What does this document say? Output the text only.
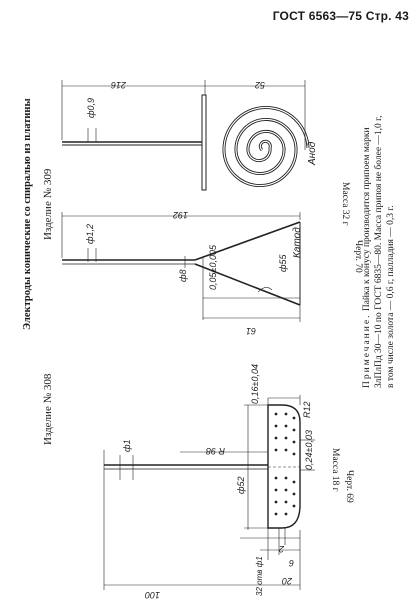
ГОСТ 6563—75 Стр. 43
Электроды конические со спиралью из платины Изделие № 309
Изделие № 308
Масса 32 г
Черт. 70
Масса 18 г Черт. 69
Примечание. Пайка к конусу производится припоем марки ЗлПлПд 30—10 по ГОСТ 6835—80. Масса припоя не более —1,0 г, в том числе золота — 0,6 г, палладия — 0,3 г.
216	52
ф0,9
Анод
192
ф1,2
ф55
ф8 0,05±0,005
61
100
ф1	R 98
ф52
0,16±0,04
R12
0,24±0,03
2
6
20
32 отв ф1
Катод
